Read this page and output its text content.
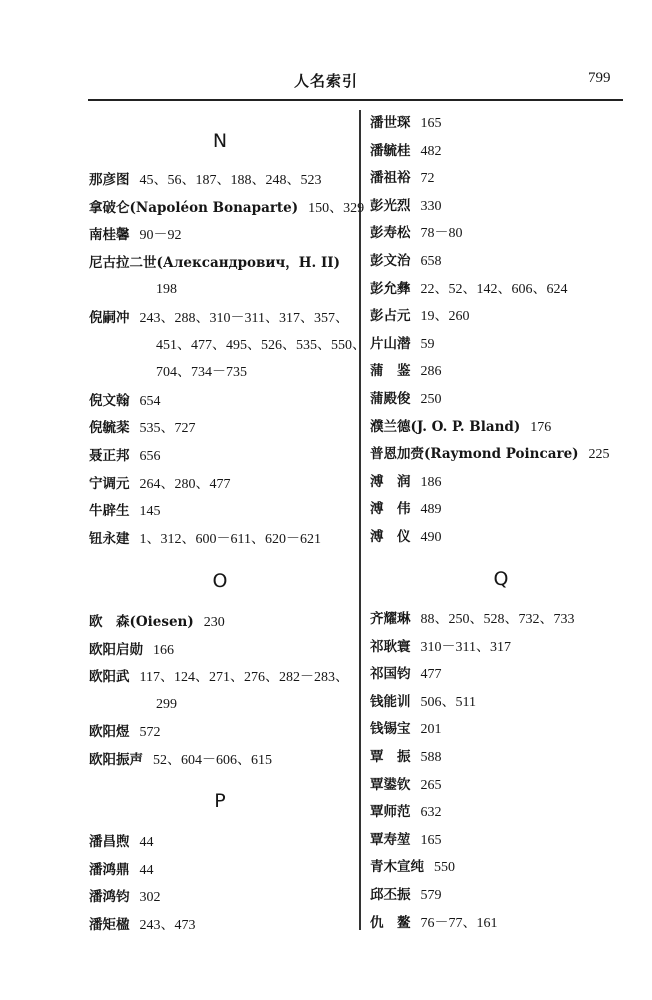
人名索引	799
N
那彦图 45、56、187、188、248、523
拿破仑(Napoléon Bonaparte) 150、329
南桂馨 90－92
尼古拉二世(Александрович，H. II)
198
倪嗣冲 243、288、310－311、317、357、
451、477、495、526、535、550、
704、734－735
倪文翰 654
倪毓棻 535、727
聂正邦 656
宁调元 264、280、477
牛辟生 145
钮永建 1、312、600－611、620－621
O
欧　森(Oiesen) 230
欧阳启勋 166
欧阳武 117、124、271、276、282－283、
299
欧阳煜 572
欧阳振声 52、604－606、615
P
潘昌煦 44
潘鸿鼎 44
潘鸿钧 302
潘矩楹 243、473
潘世琛 165
潘毓桂 482
潘祖裕 72
彭光烈 330
彭寿松 78－80
彭文治 658
彭允彝 22、52、142、606、624
彭占元 19、260
片山潜 59
蒲　鉴 286
蒲殿俊 250
濮兰德(J. O. P. Bland) 176
普恩加赍(Raymond Poincare) 225
溥　润 186
溥　伟 489
溥　仪 490
Q
齐耀琳 88、250、528、732、733
祁耿寰 310－311、317
祁国钧 477
钱能训 506、511
钱锡宝 201
覃　振 588
覃鍙钦 265
覃师范 632
覃寿堃 165
青木宣纯 550
邱丕振 579
仇　鳌 76－77、161
